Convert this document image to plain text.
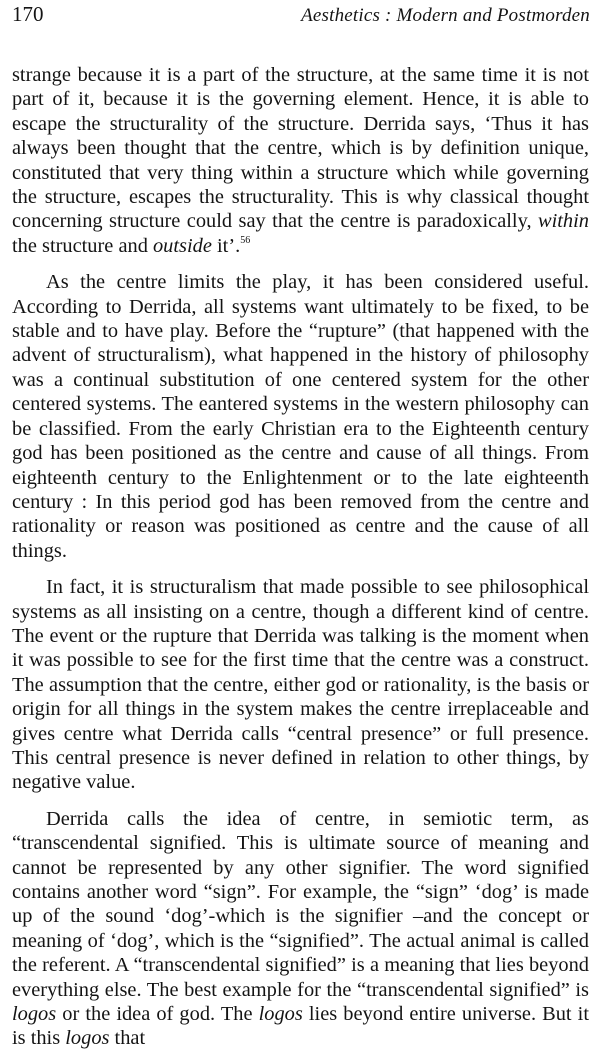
170	Aesthetics : Modern and Postmorden

strange because it is a part of the structure, at the same time it is not part of it, because it is the governing element. Hence, it is able to escape the structurality of the structure. Derrida says, ‘Thus it has always been thought that the centre, which is by definition unique, constituted that very thing within a structure which while governing the structure, escapes the structurality. This is why classical thought concerning structure could say that the centre is paradoxically, within the structure and outside it’.$^{56}$

As the centre limits the play, it has been considered useful. According to Derrida, all systems want ultimately to be fixed, to be stable and to have play. Before the “rupture” (that happened with the advent of structuralism), what happened in the history of philosophy was a continual substitution of one centered system for the other centered systems. The eantered systems in the western philosophy can be classified. From the early Christian era to the Eighteenth century god has been positioned as the centre and cause of all things. From eighteenth century to the Enlightenment or to the late eighteenth century : In this period god has been removed from the centre and rationality or reason was positioned as centre and the cause of all things.

In fact, it is structuralism that made possible to see philosophical systems as all insisting on a centre, though a different kind of centre. The event or the rupture that Derrida was talking is the moment when it was possible to see for the first time that the centre was a construct. The assumption that the centre, either god or rationality, is the basis or origin for all things in the system makes the centre irreplaceable and gives centre what Derrida calls “central presence” or full presence. This central presence is never defined in relation to other things, by negative value.

Derrida calls the idea of centre, in semiotic term, as “transcendental signified. This is ultimate source of meaning and cannot be represented by any other signifier. The word signified contains another word “sign”. For example, the “sign” ‘dog’ is made up of the sound ‘dog’-which is the signifier –and the concept or meaning of ‘dog’, which is the “signified”. The actual animal is called the referent. A “transcendental signified” is a meaning that lies beyond everything else. The best example for the “transcendental signified” is logos or the idea of god. The logos lies beyond entire universe. But it is this logos that
